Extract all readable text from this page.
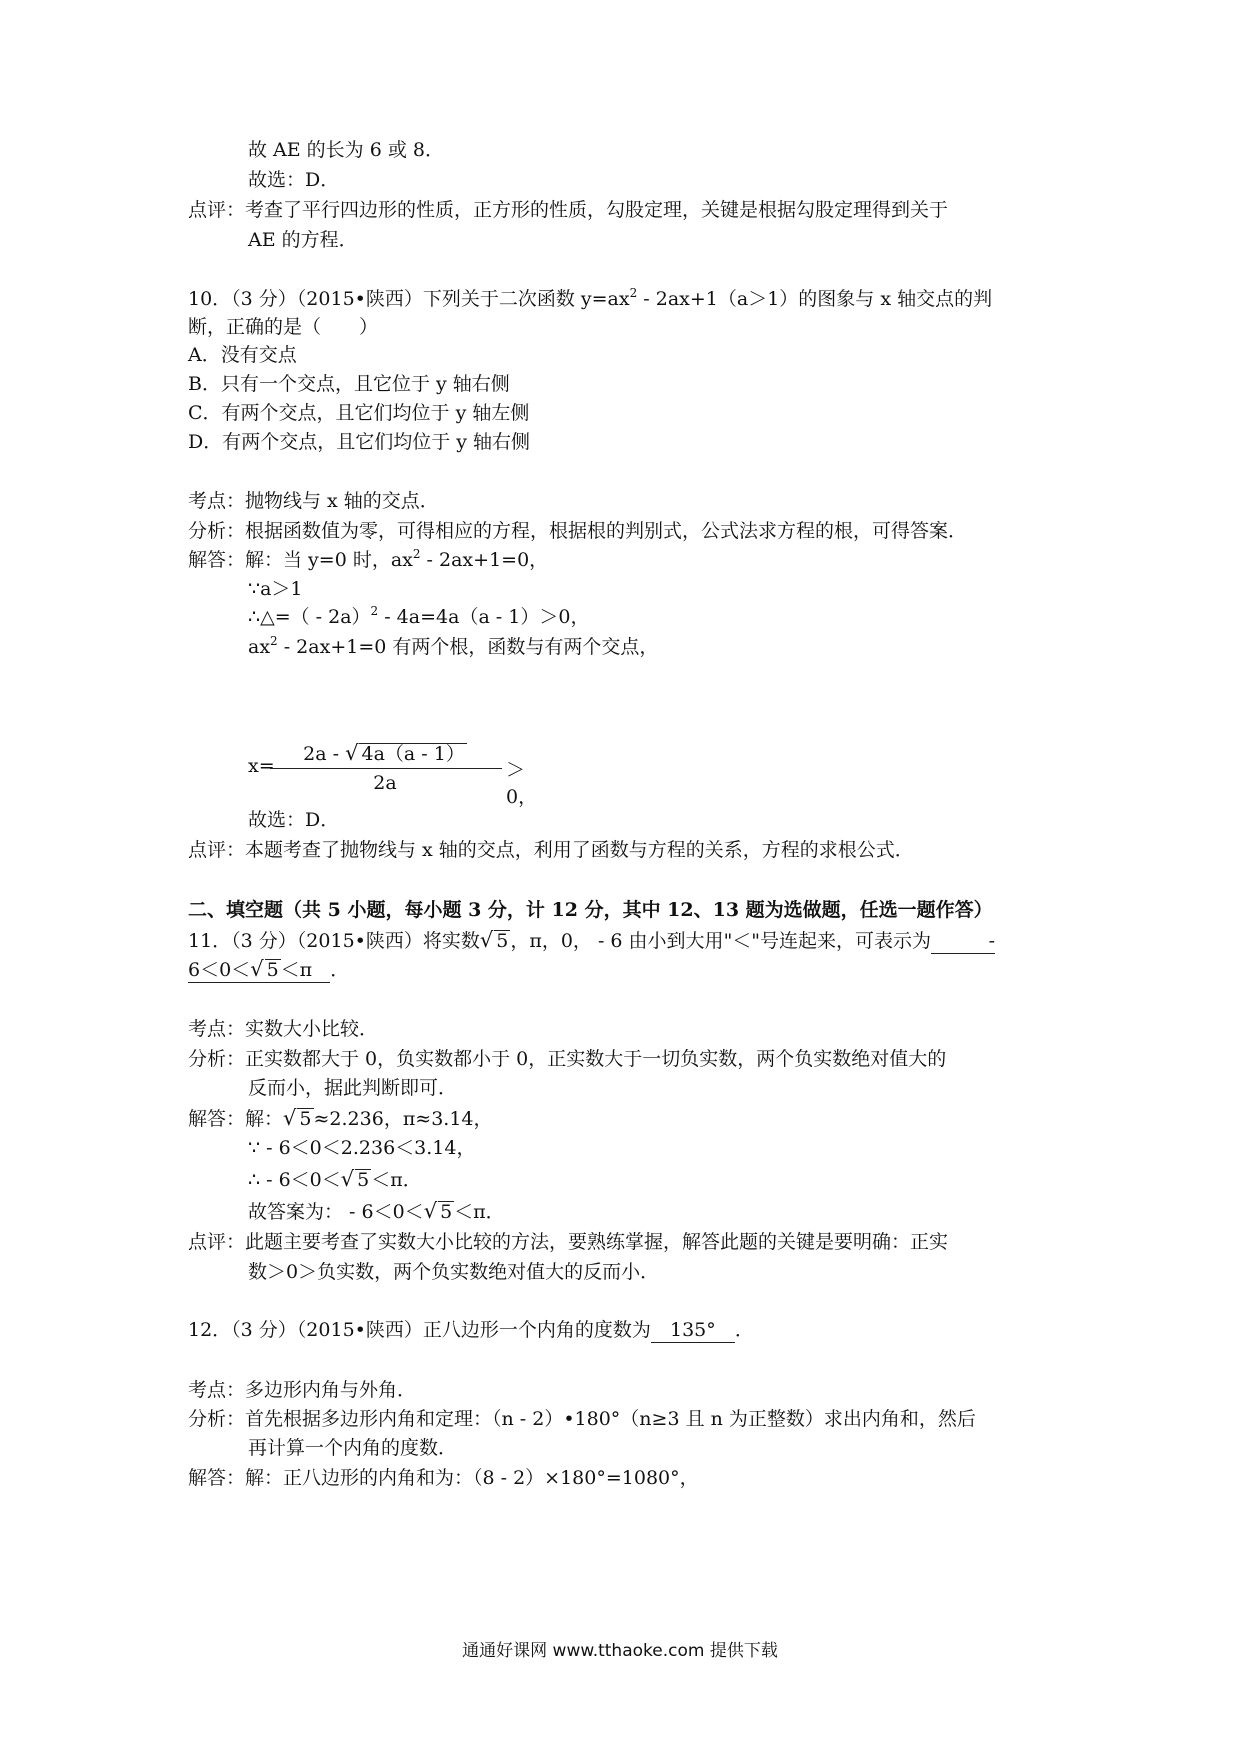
故 AE 的长为 6 或 8．
故选：D．
点评：考查了平行四边形的性质，正方形的性质，勾股定理，关键是根据勾股定理得到关于
AE 的方程．
10．（3 分）（2015•陕西）下列关于二次函数 $y=ax^2 - 2ax+1(a>1)$的图象与 x 轴交点的判
断，正确的是（　　）
A．没有交点
B．只有一个交点，且它位于 y 轴右侧
C．有两个交点，且它们均位于 y 轴左侧
D．有两个交点，且它们均位于 y 轴右侧
考点：抛物线与 x 轴的交点．
分析：根据函数值为零，可得相应的方程，根据根的判别式，公式法求方程的根，可得答案．
解答：解：当 y=0 时，$ax^2 - 2ax+1=0$，
∵a＞1
∴△=（ - 2a）$^2$ - 4a=4a（a - 1）＞0，
$ax^2 - 2ax+1=0$ 有两个根，函数与有两个交点，
x=
2a - √ 4a（a - 1）
2a
＞0，
故选：D．
点评：本题考查了抛物线与 x 轴的交点，利用了函数与方程的关系，方程的求根公式．
二、填空题（共 5 小题，每小题 3 分，计 12 分，其中 12、13 题为选做题，任选一题作答）
11．（3 分）（2015•陕西）将实数√ 5 ，π，0， - 6 由小到大用"＜"号连起来，可表示为	-
6＜0＜√ 5 ＜π ．
考点：实数大小比较．
分析：正实数都大于 0，负实数都小于 0，正实数大于一切负实数，两个负实数绝对值大的
反而小，据此判断即可．
解答：解：√ 5 ≈2.236，π≈3.14，
∵ - 6＜0＜2.236＜3.14，
∴ - 6＜0＜√ 5 ＜π．
故答案为： - 6＜0＜√ 5 ＜π．
点评：此题主要考查了实数大小比较的方法，要熟练掌握，解答此题的关键是要明确：正实
数＞0＞负实数，两个负实数绝对值大的反而小．
12．（3 分）（2015•陕西）正八边形一个内角的度数为 135° ．
考点：多边形内角与外角．
分析：首先根据多边形内角和定理：（n - 2）•180°（n≥3 且 n 为正整数）求出内角和，然后
再计算一个内角的度数．
解答：解：正八边形的内角和为：（8 - 2）×180°=1080°，
通通好课网 www.tthaoke.com 提供下载
